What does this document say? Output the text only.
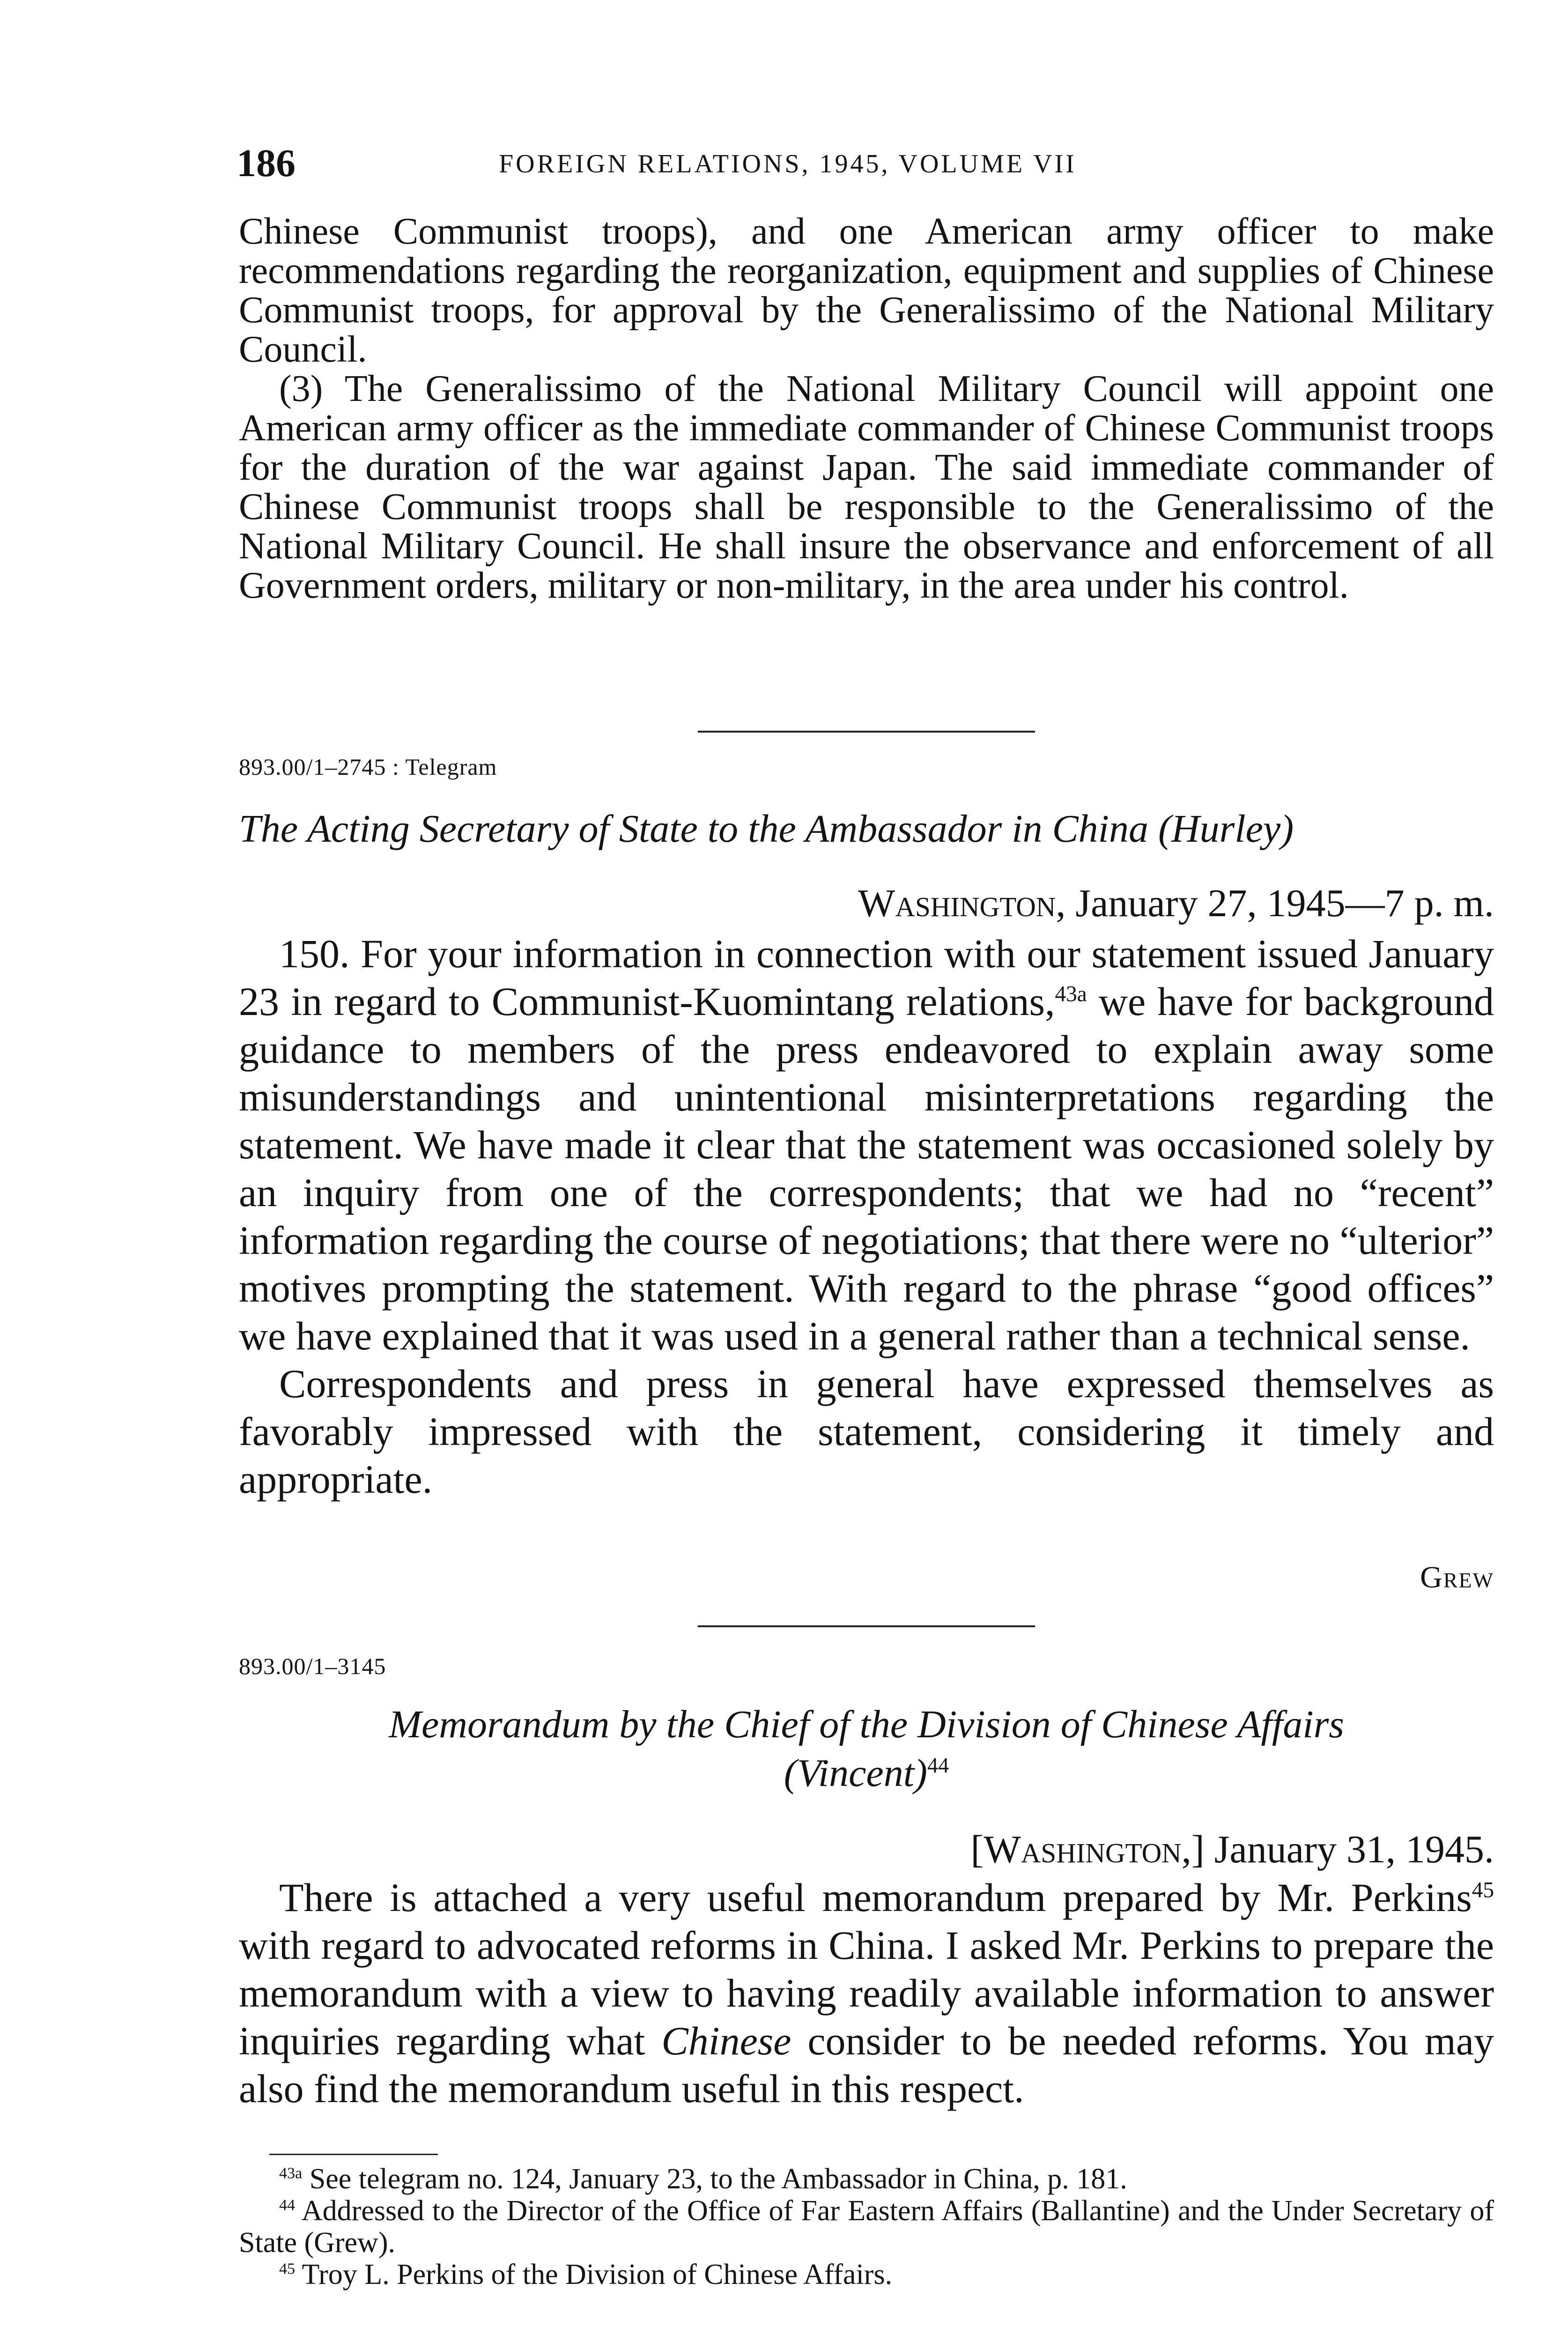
186	FOREIGN RELATIONS, 1945, VOLUME VII

Chinese Communist troops), and one American army officer to make recommendations regarding the reorganization, equipment and supplies of Chinese Communist troops, for approval by the Generalissimo of the National Military Council.

(3) The Generalissimo of the National Military Council will appoint one American army officer as the immediate commander of Chinese Communist troops for the duration of the war against Japan. The said immediate commander of Chinese Communist troops shall be responsible to the Generalissimo of the National Military Council. He shall insure the observance and enforcement of all Government orders, military or non-military, in the area under his control.

893.00/1–2745 : Telegram
The Acting Secretary of State to the Ambassador in China (Hurley)
Washington, January 27, 1945—7 p. m.

150. For your information in connection with our statement issued January 23 in regard to Communist-Kuomintang relations,$^{43a}$ we have for background guidance to members of the press endeavored to explain away some misunderstandings and unintentional misinterpretations regarding the statement. We have made it clear that the statement was occasioned solely by an inquiry from one of the correspondents; that we had no “recent” information regarding the course of negotiations; that there were no “ulterior” motives prompting the statement. With regard to the phrase “good offices” we have explained that it was used in a general rather than a technical sense.

Correspondents and press in general have expressed themselves as favorably impressed with the statement, considering it timely and appropriate.

Grew
893.00/1–3145
Memorandum by the Chief of the Division of Chinese Affairs
(Vincent)$^{44}$
[Washington,] January 31, 1945.

There is attached a very useful memorandum prepared by Mr. Perkins$^{45}$ with regard to advocated reforms in China. I asked Mr. Perkins to prepare the memorandum with a view to having readily available information to answer inquiries regarding what Chinese consider to be needed reforms. You may also find the memorandum useful in this respect.

$^{43a}$ See telegram no. 124, January 23, to the Ambassador in China, p. 181.

$^{44}$ Addressed to the Director of the Office of Far Eastern Affairs (Ballantine) and the Under Secretary of State (Grew).

$^{45}$ Troy L. Perkins of the Division of Chinese Affairs.
